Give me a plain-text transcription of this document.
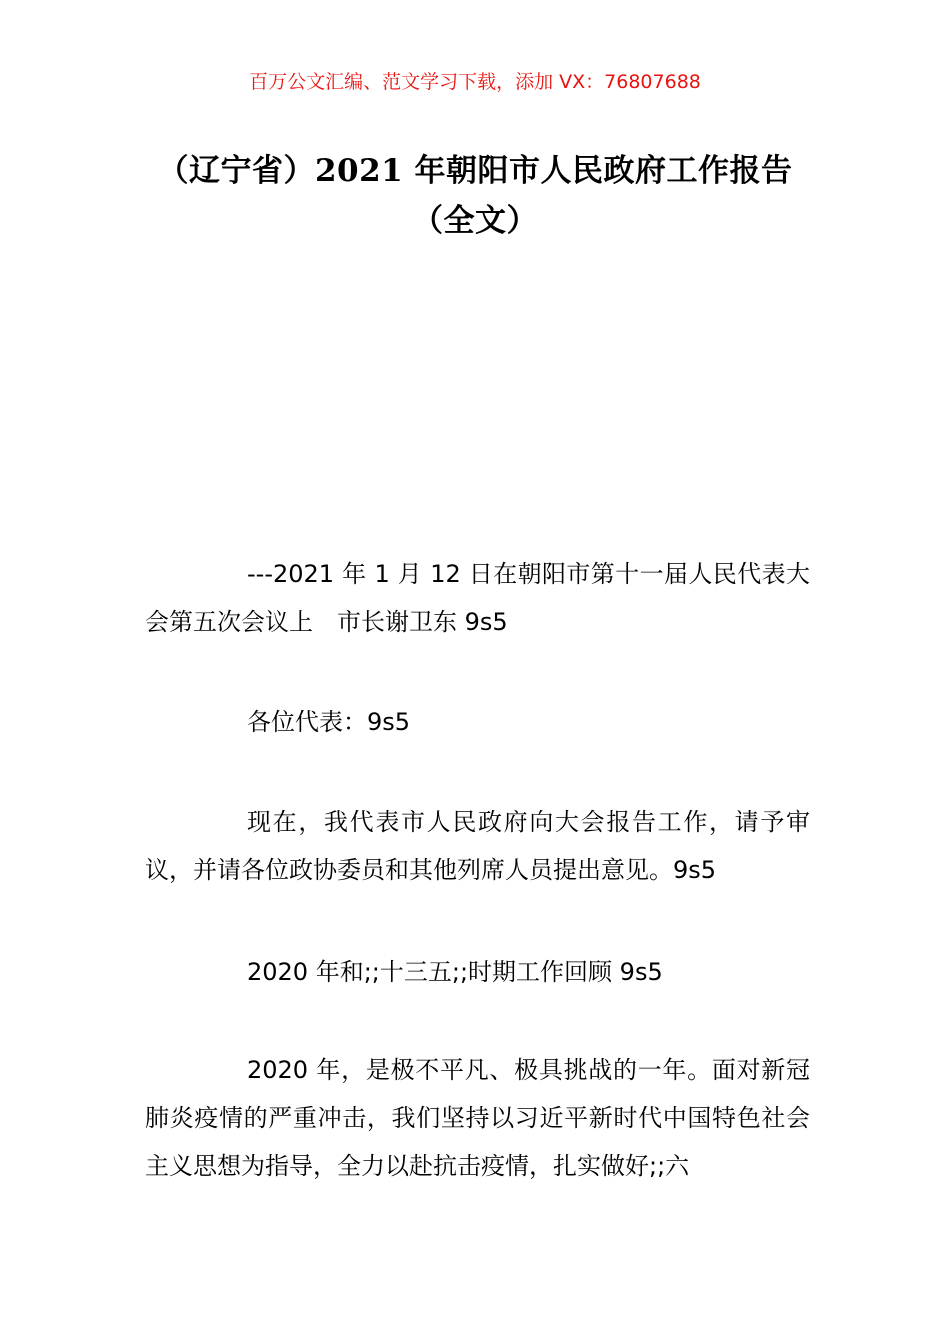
百万公文汇编、范文学习下载，添加 VX：76807688
（辽宁省）2021 年朝阳市人民政府工作报告（全文）

---2021 年 1 月 12 日在朝阳市第十一届人民代表大会第五次会议上　市长谢卫东 9s5

各位代表：9s5

现在，我代表市人民政府向大会报告工作，请予审议，并请各位政协委员和其他列席人员提出意见。9s5

2020 年和;;十三五;;时期工作回顾 9s5

2020 年，是极不平凡、极具挑战的一年。面对新冠肺炎疫情的严重冲击，我们坚持以习近平新时代中国特色社会主义思想为指导，全力以赴抗击疫情，扎实做好;;六
